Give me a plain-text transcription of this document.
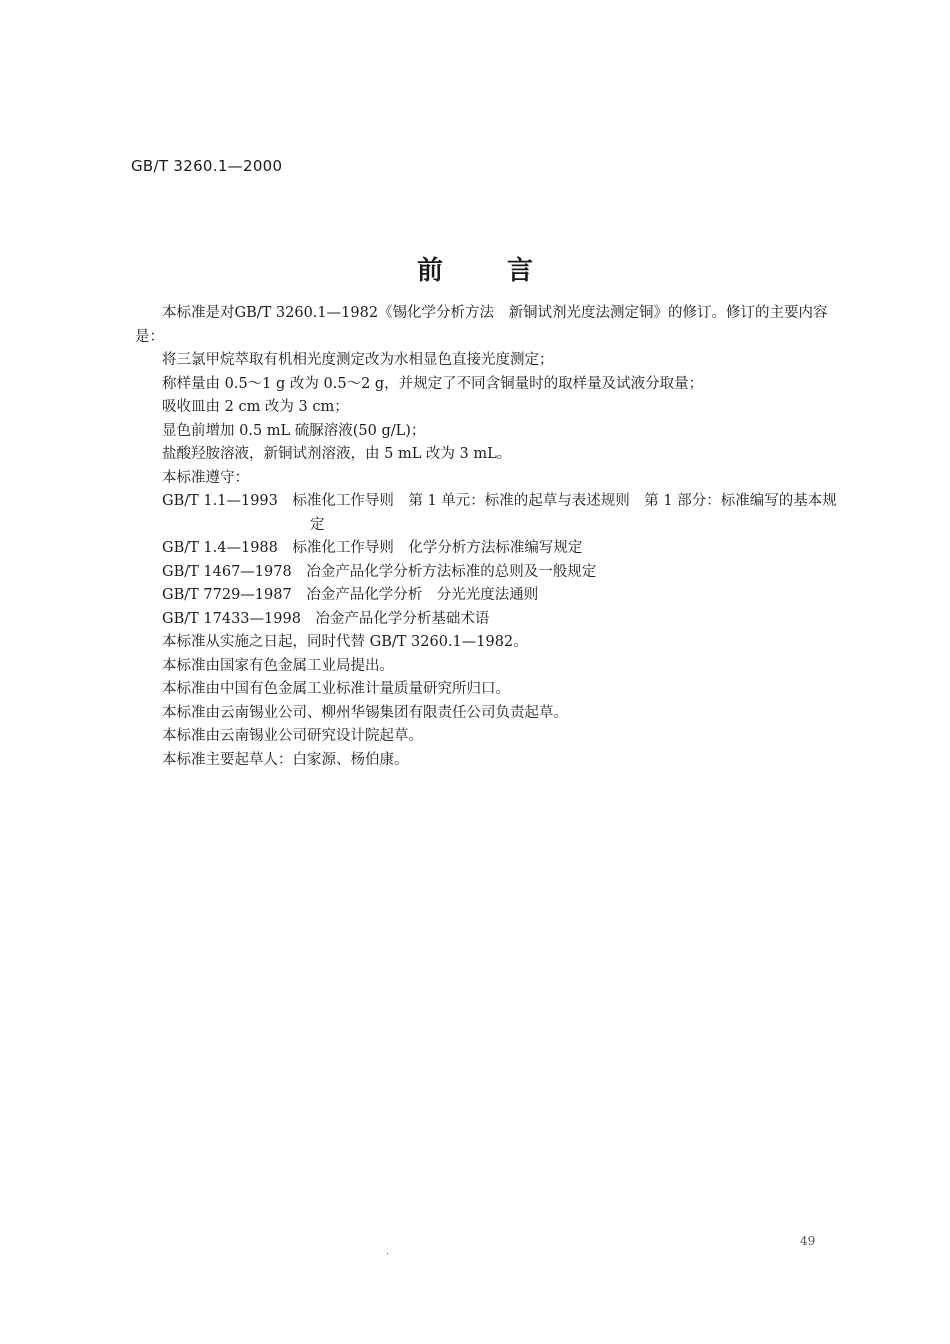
GB/T 3260.1—2000
前言

本标准是对GB/T 3260.1—1982《锡化学分析方法　新铜试剂光度法测定铜》的修订。修订的主要内容是：

将三氯甲烷萃取有机相光度测定改为水相显色直接光度测定；

称样量由 0.5～1 g 改为 0.5～2 g，并规定了不同含铜量时的取样量及试液分取量；

吸收皿由 2 cm 改为 3 cm；

显色前增加 0.5 mL 硫脲溶液(50 g/L)；

盐酸羟胺溶液，新铜试剂溶液，由 5 mL 改为 3 mL。

本标准遵守：

GB/T 1.1—1993　标准化工作导则　第 1 单元：标准的起草与表述规则　第 1 部分：标准编写的基本规定

GB/T 1.4—1988　标准化工作导则　化学分析方法标准编写规定

GB/T 1467—1978　冶金产品化学分析方法标准的总则及一般规定

GB/T 7729—1987　冶金产品化学分析　分光光度法通则

GB/T 17433—1998　冶金产品化学分析基础术语

本标准从实施之日起，同时代替 GB/T 3260.1—1982。

本标准由国家有色金属工业局提出。

本标准由中国有色金属工业标准计量质量研究所归口。

本标准由云南锡业公司、柳州华锡集团有限责任公司负责起草。

本标准由云南锡业公司研究设计院起草。

本标准主要起草人：白家源、杨伯康。

.
49
